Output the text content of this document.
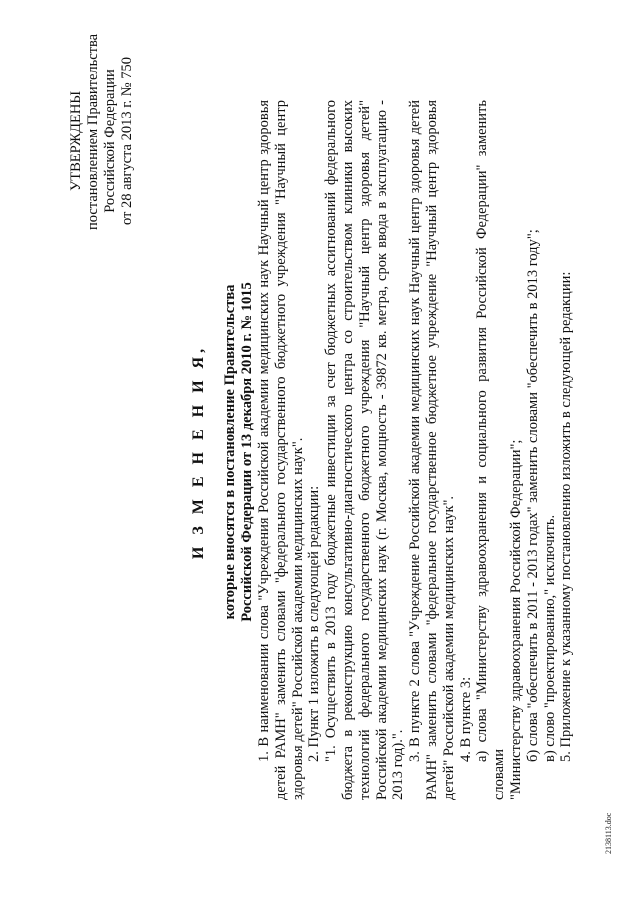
УТВЕРЖДЕНЫ постановлением Правительства Российской Федерации от 28 августа 2013 г. № 750
И З М Е Н Е Н И Я, которые вносятся в постановление Правительства Российской Федерации от 13 декабря 2010 г. № 1015 1. В наименовании слова "Учреждения Российской академии медицинских наук Научный центр здоровья детей РАМН" заменить словами "федерального государственного бюджетного учреждения "Научный центр здоровья детей" Российской академии медицинских наук". 2. Пункт 1 изложить в следующей редакции: "1. Осуществить в 2013 году бюджетные инвестиции за счет бюджетных ассигнований федерального бюджета в реконструкцию консультативно-диагностического центра со строительством клиники высоких технологий федерального государственного бюджетного учреждения "Научный центр здоровья детей" Российской академии медицинских наук (г. Москва, мощность - 39872 кв. метра, срок ввода в эксплуатацию - 2013 год).".

3. В пункте 2 слова "Учреждение Российской академии медицинских наук Научный центр здоровья детей РАМН" заменить словами "федеральное государственное бюджетное учреждение "Научный центр здоровья детей" Российской академии медицинских наук". 4. В пункте 3: а) слова "Министерству здравоохранения и социального развития Российской Федерации" заменить словами "Министерству здравоохранения Российской Федерации"; б) слова "обеспечить в 2011 - 2013 годах" заменить словами "обеспечить в 2013 году"; в) слово "проектированию," исключить. 5. Приложение к указанному постановлению изложить в следующей редакции:

2138113.doc
